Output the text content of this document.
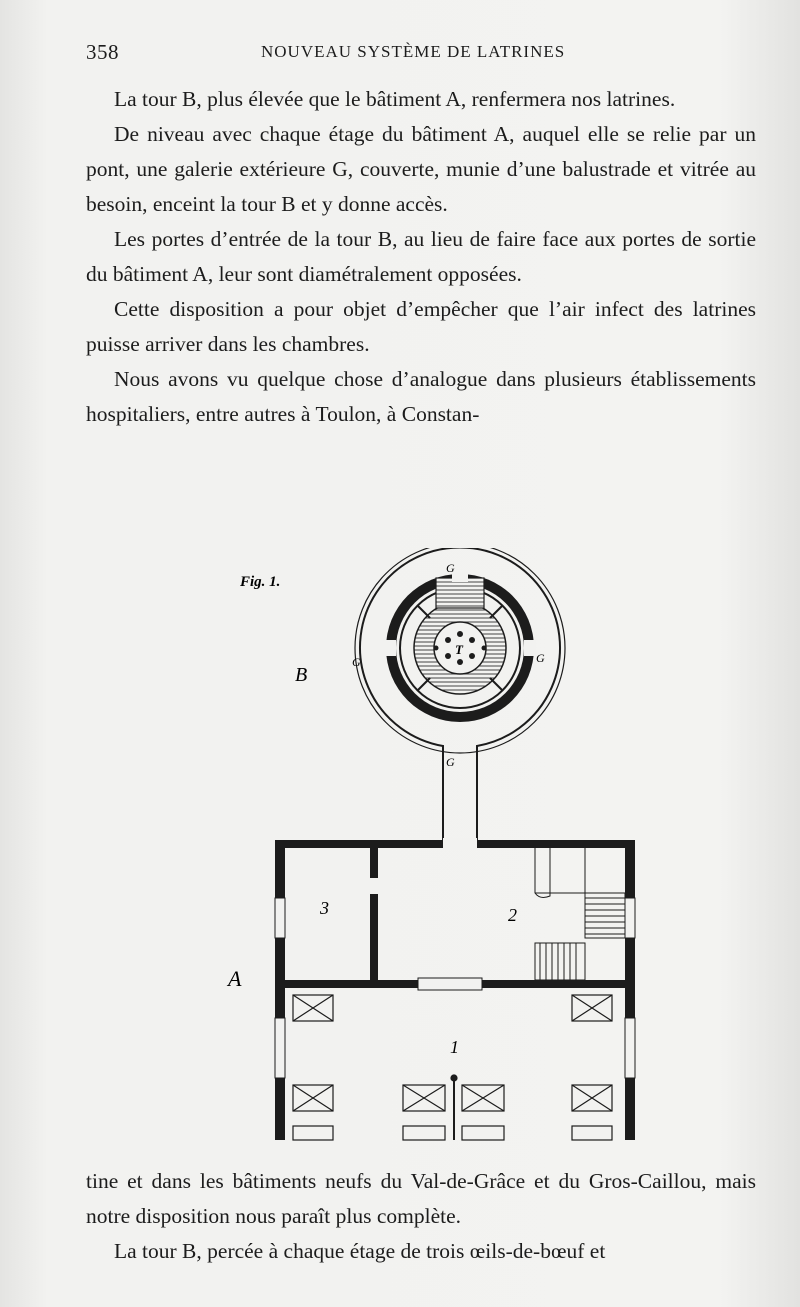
358	NOUVEAU SYSTÈME DE LATRINES

La tour B, plus élevée que le bâtiment A, renfermera nos latrines.

De niveau avec chaque étage du bâtiment A, auquel elle se relie par un pont, une galerie extérieure G, couverte, munie d’une balustrade et vitrée au besoin, enceint la tour B et y donne accès.

Les portes d’entrée de la tour B, au lieu de faire face aux portes de sortie du bâtiment A, leur sont diamétralement opposées.

Cette disposition a pour objet d’empêcher que l’air infect des latrines puisse arriver dans les chambres.

Nous avons vu quelque chose d’analogue dans plusieurs établissements hospitaliers, entre autres à Toulon, à Constan-

Fig. 1.
B
A
G
G	G
G
T
1
2
3

tine et dans les bâtiments neufs du Val-de-Grâce et du Gros-Caillou, mais notre disposition nous paraît plus complète.

La tour B, percée à chaque étage de trois œils-de-bœuf et
